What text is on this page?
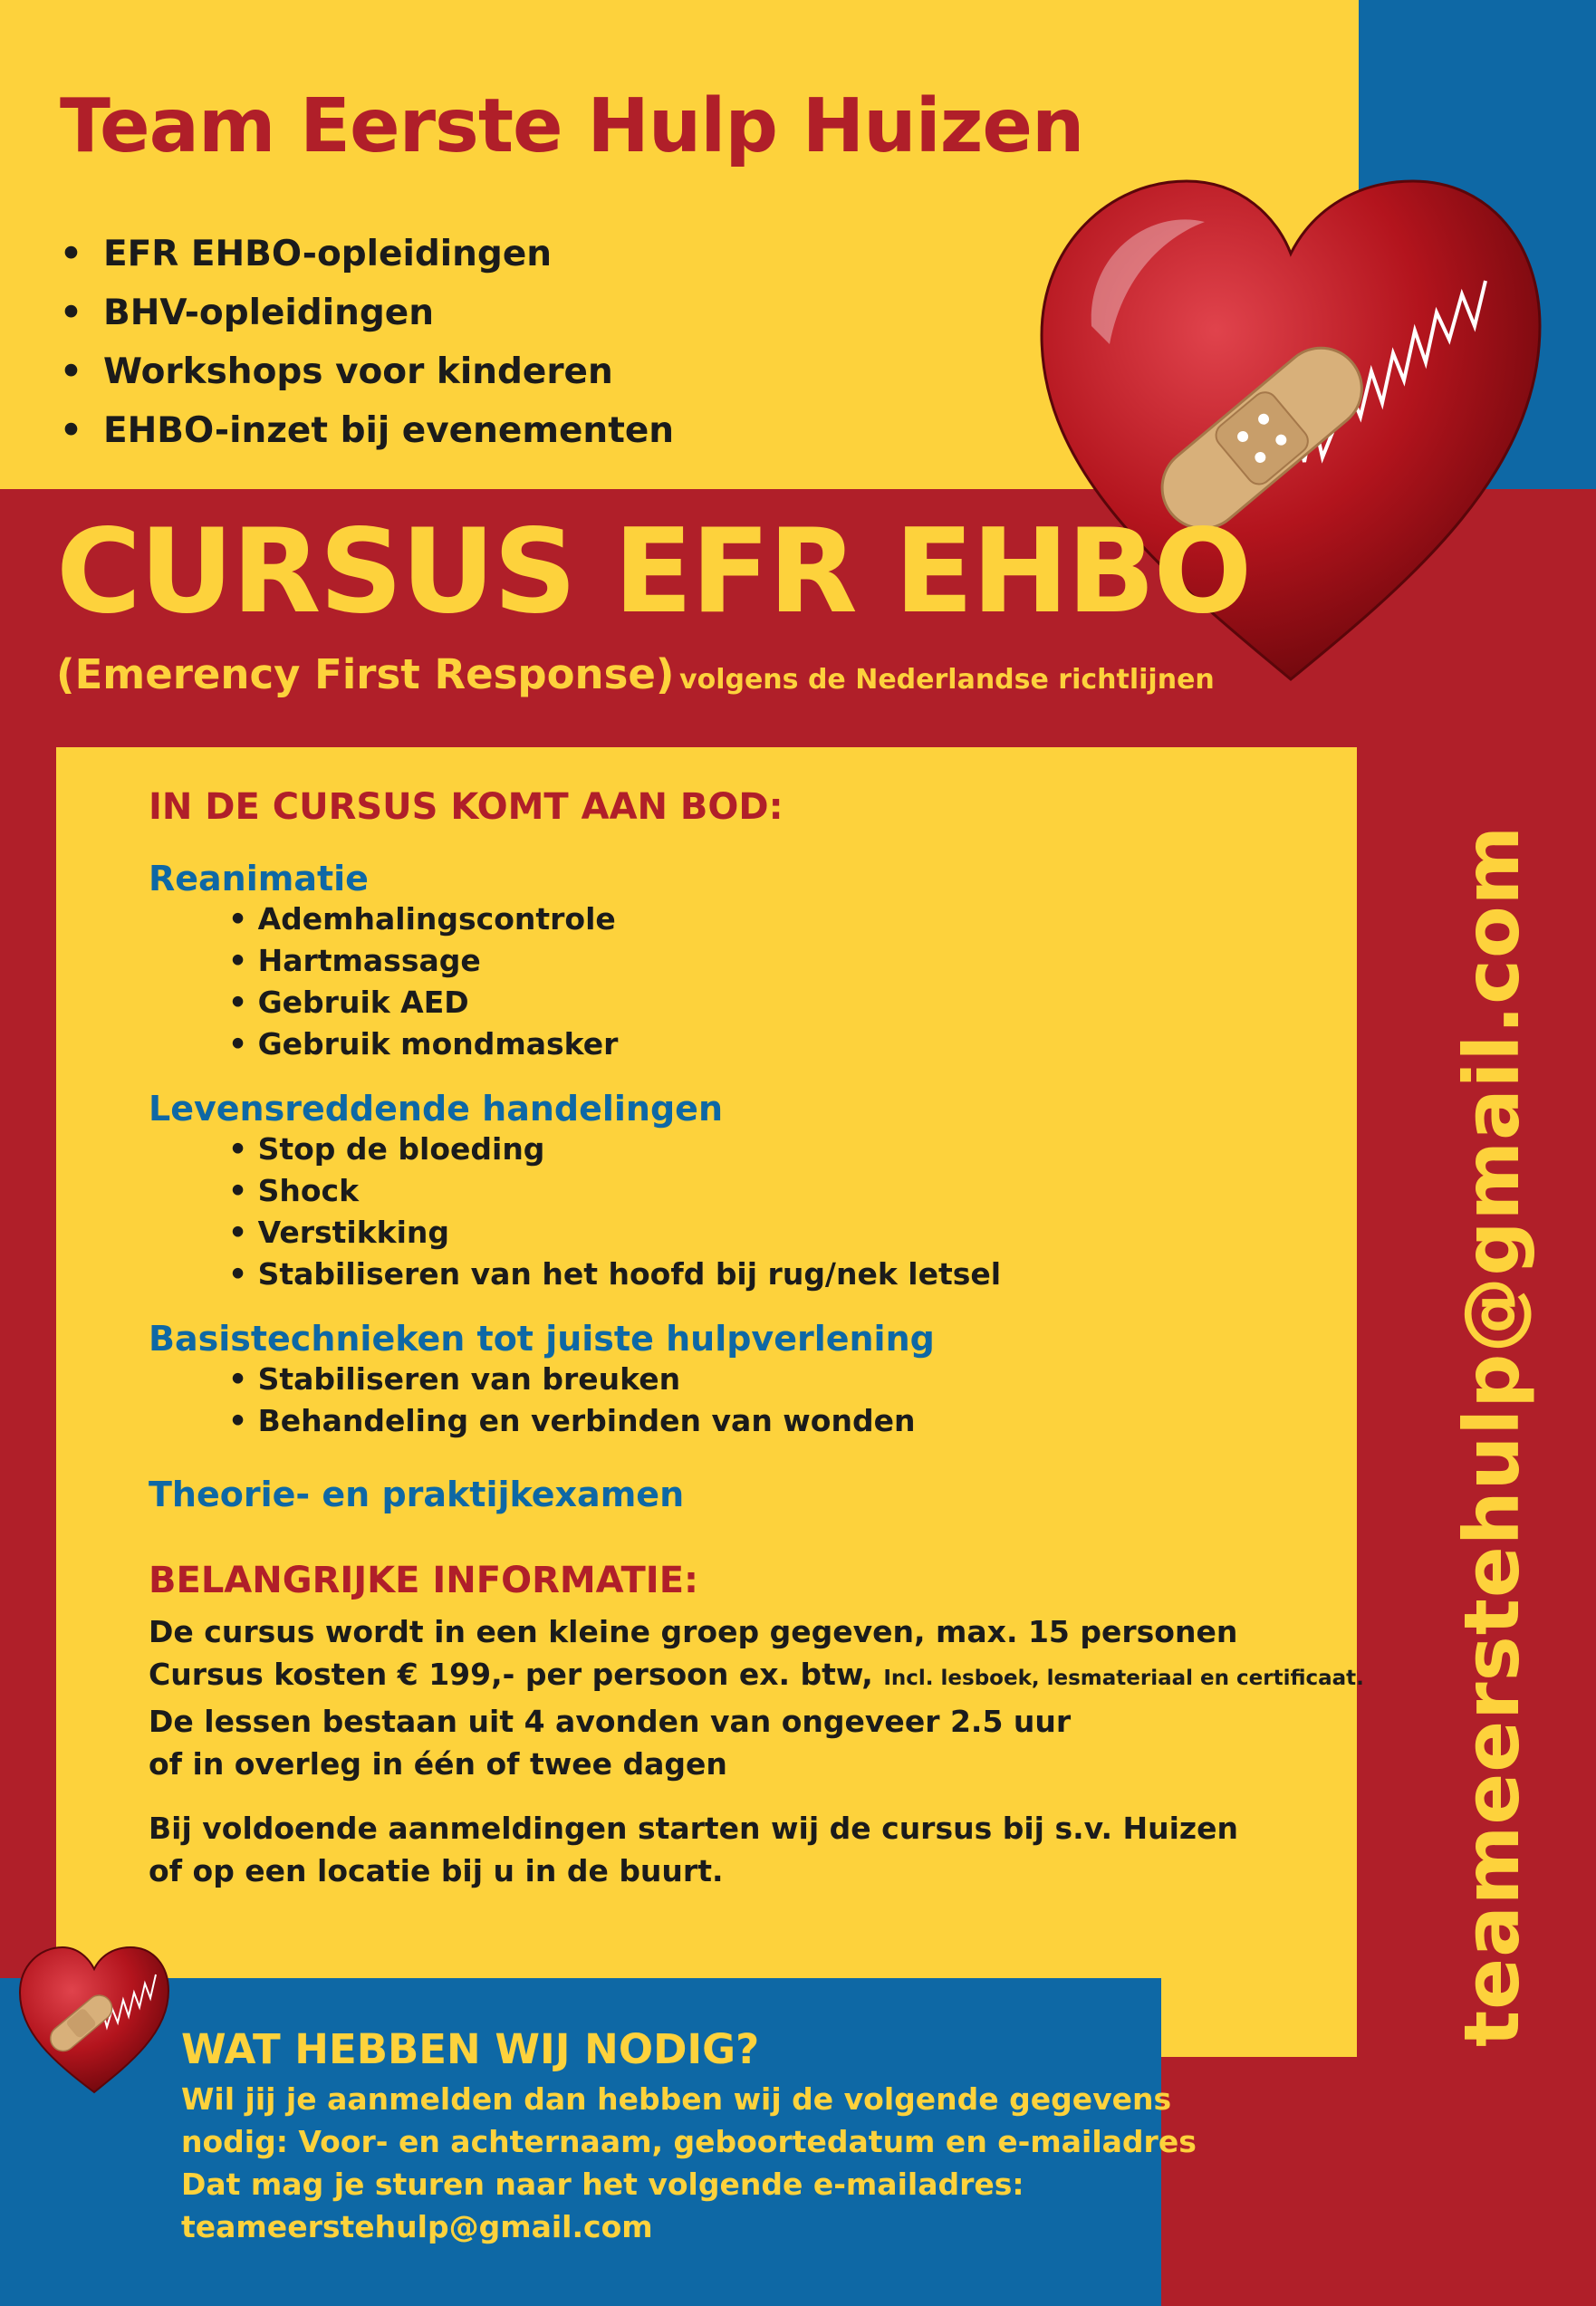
Team Eerste Hulp Huizen
• EFR EHBO-opleidingen
• BHV-opleidingen
• Workshops voor kinderen
• EHBO-inzet bij evenementen
CURSUS EFR EHBO
(Emerency First Response) volgens de Nederlandse richtlijnen
IN DE CURSUS KOMT AAN BOD:
Reanimatie
• Ademhalingscontrole
• Hartmassage
• Gebruik AED
• Gebruik mondmasker
Levensreddende handelingen
• Stop de bloeding
• Shock
• Verstikking
• Stabiliseren van het hoofd bij rug/nek letsel
Basistechnieken tot juiste hulpverlening
• Stabiliseren van breuken
• Behandeling en verbinden van wonden
Theorie- en praktijkexamen
BELANGRIJKE INFORMATIE:
De cursus wordt in een kleine groep gegeven, max. 15 personen
Cursus kosten € 199,- per persoon ex. btw, Incl. lesboek, lesmateriaal en certificaat.
De lessen bestaan uit 4 avonden van ongeveer 2.5 uur
of in overleg in één of twee dagen
Bij voldoende aanmeldingen starten wij de cursus bij s.v. Huizen
of op een locatie bij u in de buurt.	teameerstehulp@gmail.com
WAT HEBBEN WIJ NODIG?
Wil jij je aanmelden dan hebben wij de volgende gegevens
nodig: Voor- en achternaam, geboortedatum en e-mailadres
Dat mag je sturen naar het volgende e-mailadres:
teameerstehulp@gmail.com
